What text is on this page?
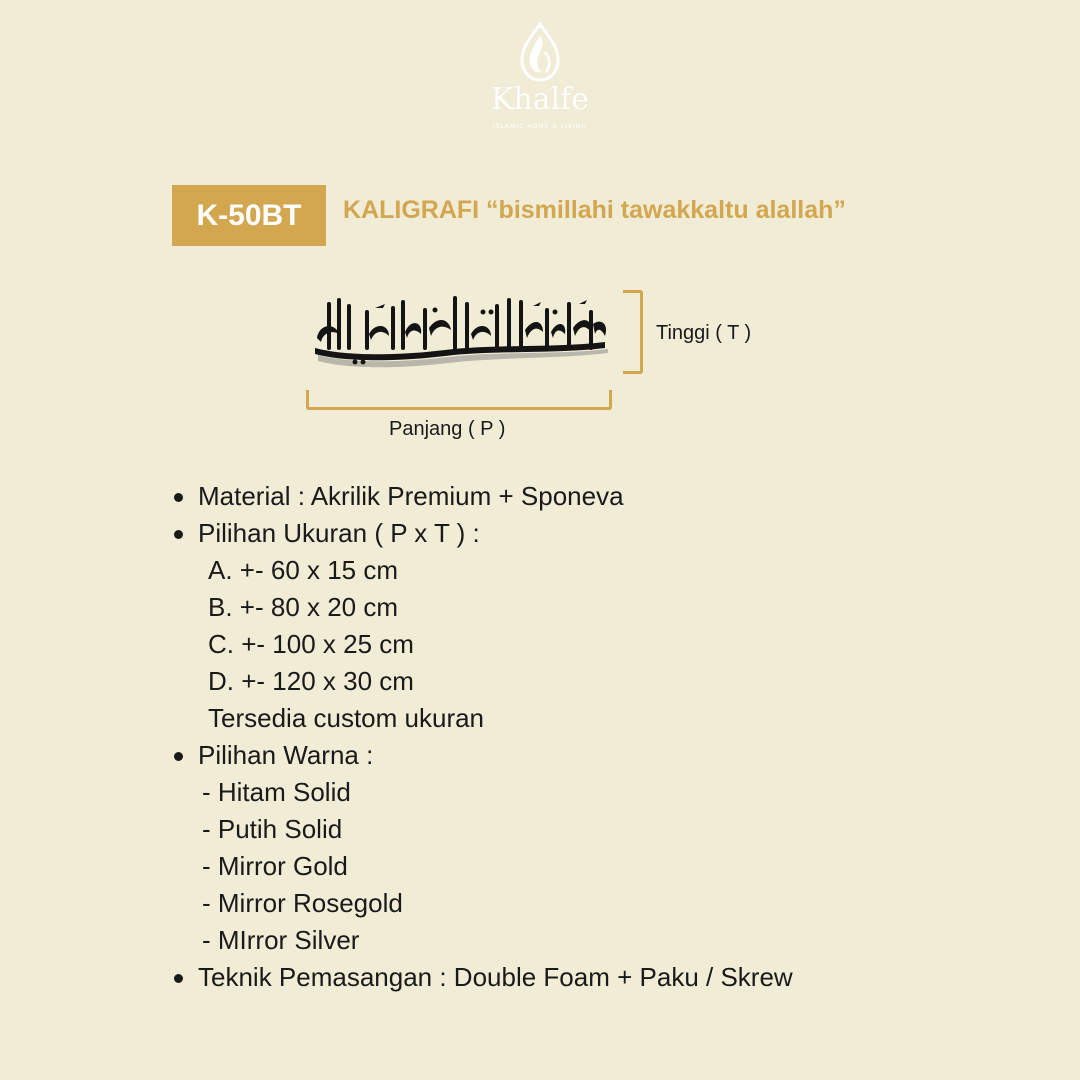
Khalfe
ISLAMIC HOME & LIVING
K-50BT	KALIGRAFI “bismillahi tawakkaltu alallah”
Tinggi ( T )
Panjang ( P )
Material : Akrilik Premium + Sponeva
Pilihan Ukuran ( P x T ) :
A. +- 60 x 15 cm
B. +- 80 x 20 cm
C. +- 100 x 25 cm
D. +- 120 x 30 cm
Tersedia custom ukuran
Pilihan Warna :
- Hitam Solid
- Putih Solid
- Mirror Gold
- Mirror Rosegold
- MIrror Silver
Teknik Pemasangan : Double Foam + Paku / Skrew
